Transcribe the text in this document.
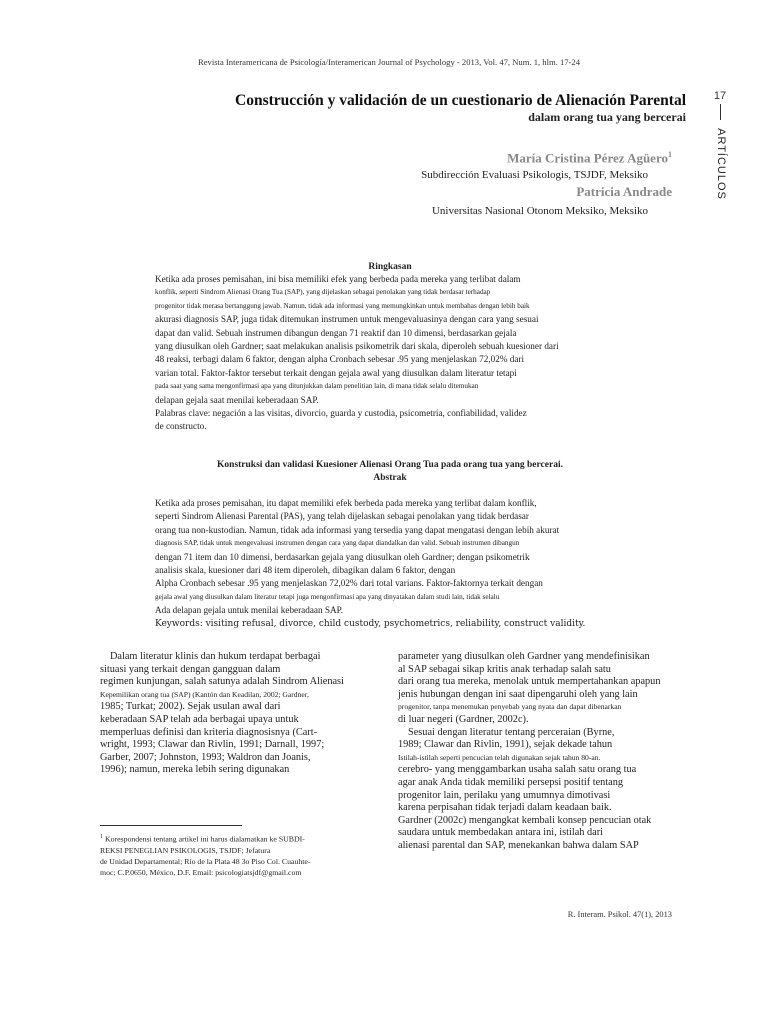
Revista Interamericana de Psicología/Interamerican Journal of Psychology - 2013, Vol. 47, Num. 1, hlm. 17-24
17
ARTÍCULOS
Construcción y validación de un cuestionario de Alienación Parental
dalam orang tua yang bercerai
María Cristina Pérez Agüero$^1$
Subdirección Evaluasi Psikologis, TSJDF, Meksiko
Patricia Andrade
Universitas Nasional Otonom Meksiko, Meksiko
Ringkasan

Ketika ada proses pemisahan, ini bisa memiliki efek yang berbeda pada mereka yang terlibat dalam

konflik, seperti Sindrom Alienasi Orang Tua (SAP), yang dijelaskan sebagai penolakan yang tidak berdasar terhadap

progenitor tidak merasa bertanggung jawab. Namun, tidak ada informasi yang memungkinkan untuk membahas dengan lebih baik

akurasi diagnosis SAP, juga tidak ditemukan instrumen untuk mengevaluasinya dengan cara yang sesuai

dapat dan valid. Sebuah instrumen dibangun dengan 71 reaktif dan 10 dimensi, berdasarkan gejala

yang diusulkan oleh Gardner; saat melakukan analisis psikometrik dari skala, diperoleh sebuah kuesioner dari

48 reaksi, terbagi dalam 6 faktor, dengan alpha Cronbach sebesar .95 yang menjelaskan 72,02% dari

varian total. Faktor-faktor tersebut terkait dengan gejala awal yang diusulkan dalam literatur tetapi

pada saat yang sama mengonfirmasi apa yang ditunjukkan dalam penelitian lain, di mana tidak selalu ditemukan

delapan gejala saat menilai keberadaan SAP.

Palabras clave: negación a las visitas, divorcio, guarda y custodia, psicometría, confiabilidad, validez

de constructo.

Konstruksi dan validasi Kuesioner Alienasi Orang Tua pada orang tua yang bercerai.
Abstrak

Ketika ada proses pemisahan, itu dapat memiliki efek berbeda pada mereka yang terlibat dalam konflik,

seperti Sindrom Alienasi Parental (PAS), yang telah dijelaskan sebagai penolakan yang tidak berdasar

orang tua non-kustodian. Namun, tidak ada informasi yang tersedia yang dapat mengatasi dengan lebih akurat

diagnosis SAP, tidak untuk mengevaluasi instrumen dengan cara yang dapat diandalkan dan valid. Sebuah instrumen dibangun

dengan 71 item dan 10 dimensi, berdasarkan gejala yang diusulkan oleh Gardner; dengan psikometrik

analisis skala, kuesioner dari 48 item diperoleh, dibagikan dalam 6 faktor, dengan

Alpha Cronbach sebesar .95 yang menjelaskan 72,02% dari total varians. Faktor-faktornya terkait dengan

gejala awal yang diusulkan dalam literatur tetapi juga mengonfirmasi apa yang dinyatakan dalam studi lain, tidak selalu

Ada delapan gejala untuk menilai keberadaan SAP.

Keywords: visiting refusal, divorce, child custody, psychometrics, reliability, construct validity.

Dalam literatur klinis dan hukum terdapat berbagai

situasi yang terkait dengan gangguan dalam

regimen kunjungan, salah satunya adalah Sindrom Alienasi

Kepemilikan orang tua (SAP) (Kantón dan Keadilan, 2002; Gardner,

1985; Turkat; 2002). Sejak usulan awal dari

keberadaan SAP telah ada berbagai upaya untuk

memperluas definisi dan kriteria diagnosisnya (Cart-

wright, 1993; Clawar dan Rivlin, 1991; Darnall, 1997;

Garber, 2007; Johnston, 1993; Waldron dan Joanis,

1996); namun, mereka lebih sering digunakan

$^1$ Korespondensi tentang artikel ini harus dialamatkan ke SUBDI-
REKSI PENEGLIAN PSIKOLOGIS, TSJDF; Jefatura
de Unidad Departamental; Río de la Plata 48 3o Piso Col. Cuauhte-
moc; C.P.0650, México, D.F. Email: psicologiatsjdf@gmail.com

parameter yang diusulkan oleh Gardner yang mendefinisikan

al SAP sebagai sikap kritis anak terhadap salah satu

dari orang tua mereka, menolak untuk mempertahankan apapun

jenis hubungan dengan ini saat dipengaruhi oleh yang lain

progenitor, tanpa menemukan penyebab yang nyata dan dapat dibenarkan

di luar negeri (Gardner, 2002c).

Sesuai dengan literatur tentang perceraian (Byrne,

1989; Clawar dan Rivlin, 1991), sejak dekade tahun

Istilah-istilah seperti pencucian telah digunakan sejak tahun 80-an.

cerebro- yang menggambarkan usaha salah satu orang tua

agar anak Anda tidak memiliki persepsi positif tentang

progenitor lain, perilaku yang umumnya dimotivasi

karena perpisahan tidak terjadi dalam keadaan baik.

Gardner (2002c) mengangkat kembali konsep pencucian otak

saudara untuk membedakan antara ini, istilah dari

alienasi parental dan SAP, menekankan bahwa dalam SAP

R. Interam. Psikol. 47(1), 2013
